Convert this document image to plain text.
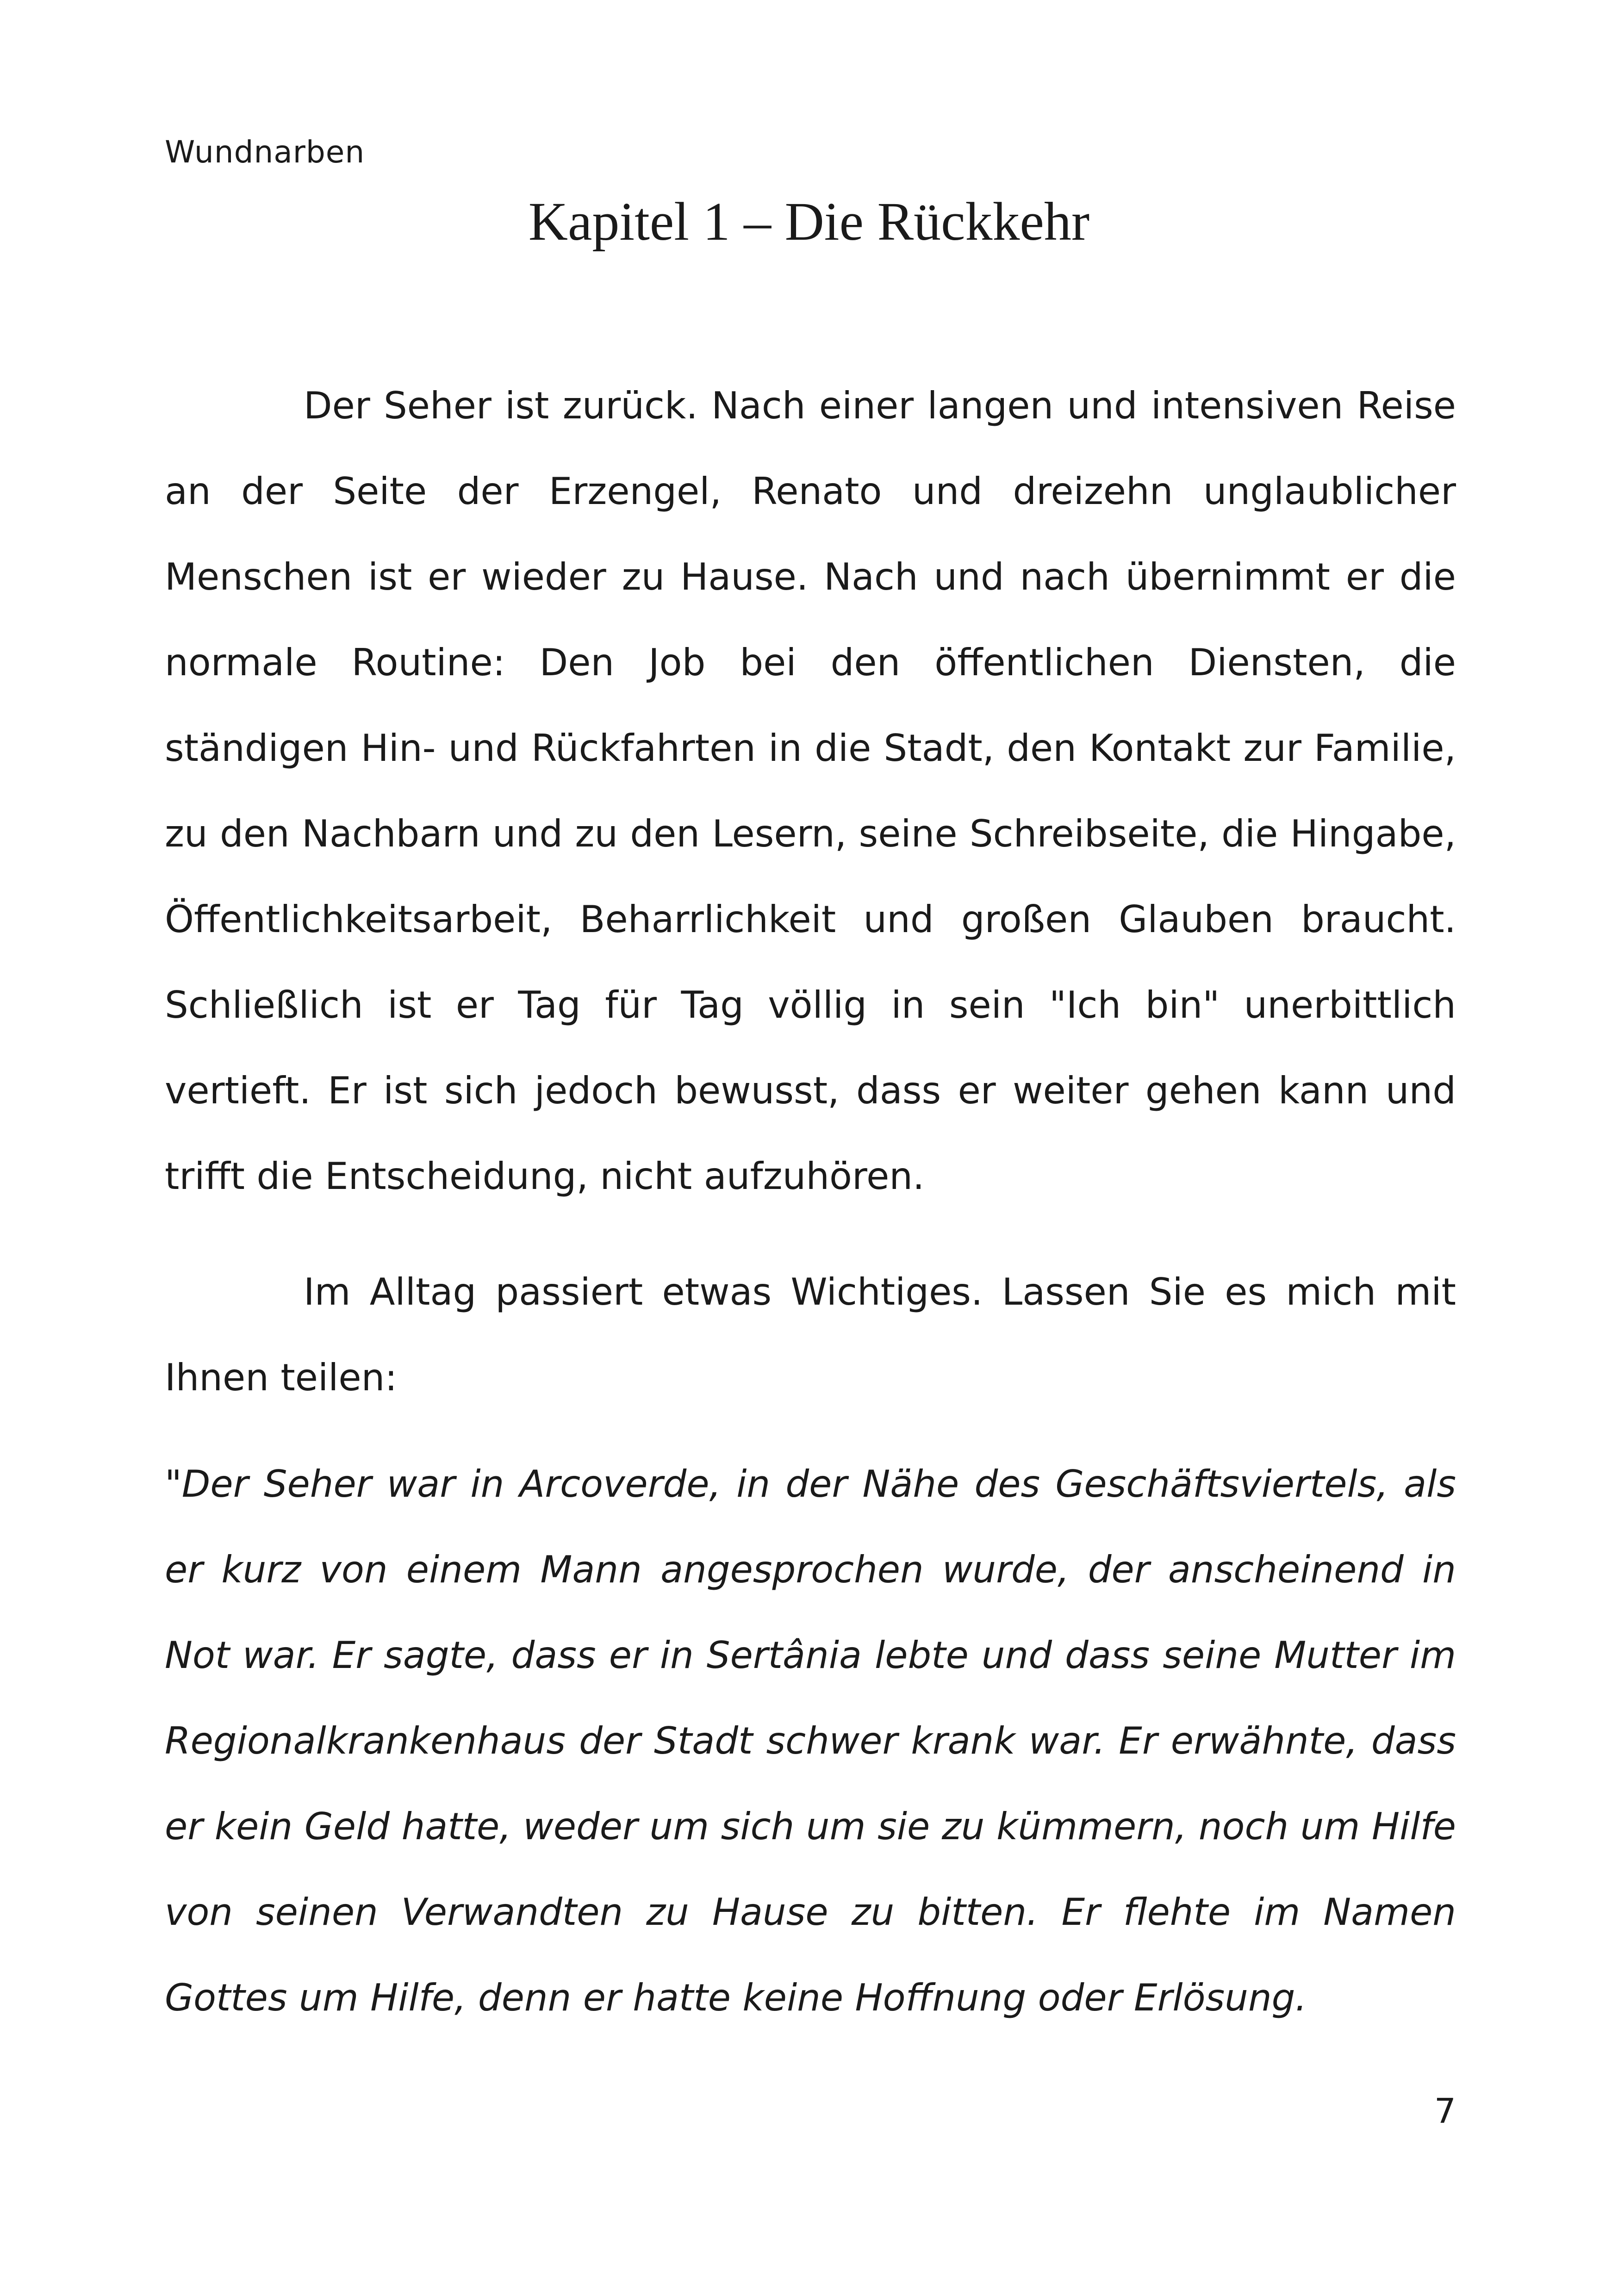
Wundnarben
Kapitel 1 – Die Rückkehr

Der Seher ist zurück. Nach einer langen und intensiven Reise an der Seite der Erzengel, Renato und dreizehn unglaublicher Menschen ist er wieder zu Hause. Nach und nach übernimmt er die normale Routine: Den Job bei den öffentlichen Diensten, die ständigen Hin- und Rückfahrten in die Stadt, den Kontakt zur Familie, zu den Nachbarn und zu den Lesern, seine Schreibseite, die Hingabe, Öffentlichkeitsarbeit, Beharrlichkeit und großen Glauben braucht. Schließlich ist er Tag für Tag völlig in sein "Ich bin" unerbittlich vertieft. Er ist sich jedoch bewusst, dass er weiter gehen kann und trifft die Entscheidung, nicht aufzuhören.

Im Alltag passiert etwas Wichtiges. Lassen Sie es mich mit Ihnen teilen:

"Der Seher war in Arcoverde, in der Nähe des Geschäftsviertels, als er kurz von einem Mann angesprochen wurde, der anscheinend in Not war. Er sagte, dass er in Sertânia lebte und dass seine Mutter im Regionalkrankenhaus der Stadt schwer krank war. Er erwähnte, dass er kein Geld hatte, weder um sich um sie zu kümmern, noch um Hilfe von seinen Verwandten zu Hause zu bitten. Er flehte im Namen Gottes um Hilfe, denn er hatte keine Hoffnung oder Erlösung.

7
